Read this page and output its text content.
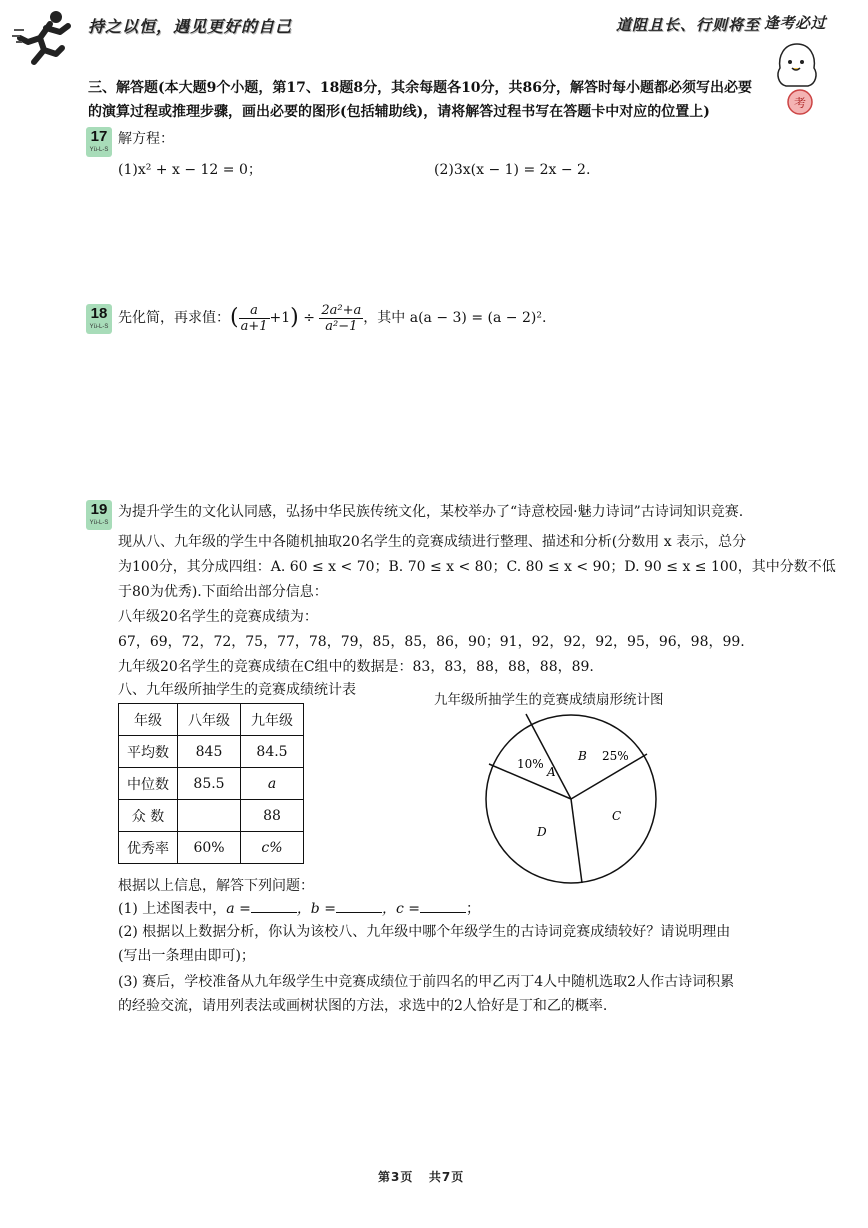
持之以恒，遇见更好的自己	道阻且长、行则将至 逢考必过
考
三、解答题(本大题9个小题，第17、18题8分，其余每题各10分，共86分，解答时每小题都必须写出必要
的演算过程或推理步骤，画出必要的图形(包括辅助线)，请将解答过程书写在答题卡中对应的位置上)
17
Yü-L-S
解方程：
(1)x² + x − 12 = 0；	(2)3x(x − 1) = 2x − 2.
18
Yü-L-S
先化简，再求值：( $\frac{a}{a+1} +1) \div \frac{\text{2a²+a}}{\text{a²−1}}$ ，其中 a(a − 3) = (a − 2)².
19
Yü-L-S
为提升学生的文化认同感，弘扬中华民族传统文化，某校举办了“诗意校园·魅力诗词”古诗词知识竞赛.
现从八、九年级的学生中各随机抽取20名学生的竞赛成绩进行整理、描述和分析(分数用 x 表示，总分
为100分，其分成四组：A. 60 ≤ x < 70；B. 70 ≤ x < 80；C. 80 ≤ x < 90；D. 90 ≤ x ≤ 100，其中分数不低
于80为优秀).下面给出部分信息：
八年级20名学生的竞赛成绩为：
67，69，72，72，75，77，78，79，85，85，86，90；91，92，92，92，95，96，98，99.
九年级20名学生的竞赛成绩在C组中的数据是：83，83，88，88，88，89.
八、九年级所抽学生的竞赛成绩统计表
年级	八年级	九年级
平均数	845	84.5
中位数	85.5	a
众 数		88
优秀率	60%	c%
九年级所抽学生的竞赛成绩扇形统计图
A
10%
B 25%
C
D
根据以上信息，解答下列问题：
(1) 上述图表中，a =	，b =	，c =	；
(2) 根据以上数据分析，你认为该校八、九年级中哪个年级学生的古诗词竞赛成绩较好？请说明理由
(写出一条理由即可)；
(3) 赛后，学校准备从九年级学生中竞赛成绩位于前四名的甲乙丙丁4人中随机选取2人作古诗词积累
的经验交流，请用列表法或画树状图的方法，求选中的2人恰好是丁和乙的概率.
第3页 共7页
